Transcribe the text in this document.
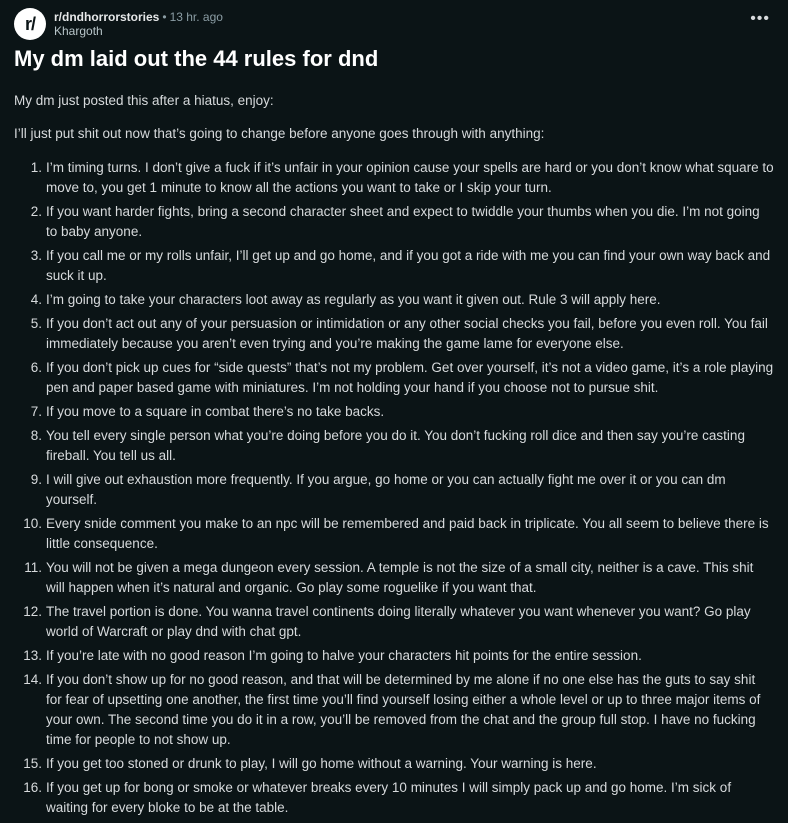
r/	r/dndhorrorstories • 13 hr. ago
Khargoth
•••
My dm laid out the 44 rules for dnd

My dm just posted this after a hiatus, enjoy:

I’ll just put shit out now that’s going to change before anyone goes through with anything:

1. I’m timing turns. I don’t give a fuck if it’s unfair in your opinion cause your spells are hard or you don’t know what square to move to, you get 1 minute to know all the actions you want to take or I skip your turn.
2. If you want harder fights, bring a second character sheet and expect to twiddle your thumbs when you die. I’m not going to baby anyone.
3. If you call me or my rolls unfair, I’ll get up and go home, and if you got a ride with me you can find your own way back and suck it up.
4. I’m going to take your characters loot away as regularly as you want it given out. Rule 3 will apply here.
5. If you don’t act out any of your persuasion or intimidation or any other social checks you fail, before you even roll. You fail immediately because you aren’t even trying and you’re making the game lame for everyone else.
6. If you don’t pick up cues for “side quests” that’s not my problem. Get over yourself, it’s not a video game, it’s a role playing pen and paper based game with miniatures. I’m not holding your hand if you choose not to pursue shit.
7. If you move to a square in combat there’s no take backs.
8. You tell every single person what you’re doing before you do it. You don’t fucking roll dice and then say you’re casting fireball. You tell us all.
9. I will give out exhaustion more frequently. If you argue, go home or you can actually fight me over it or you can dm yourself.
10. Every snide comment you make to an npc will be remembered and paid back in triplicate. You all seem to believe there is little consequence.
11. You will not be given a mega dungeon every session. A temple is not the size of a small city, neither is a cave. This shit will happen when it’s natural and organic. Go play some roguelike if you want that.
12. The travel portion is done. You wanna travel continents doing literally whatever you want whenever you want? Go play world of Warcraft or play dnd with chat gpt.
13. If you’re late with no good reason I’m going to halve your characters hit points for the entire session.
14. If you don’t show up for no good reason, and that will be determined by me alone if no one else has the guts to say shit for fear of upsetting one another, the first time you’ll find yourself losing either a whole level or up to three major items of your own. The second time you do it in a row, you’ll be removed from the chat and the group full stop. I have no fucking time for people to not show up.
15. If you get too stoned or drunk to play, I will go home without a warning. Your warning is here.
16. If you get up for bong or smoke or whatever breaks every 10 minutes I will simply pack up and go home. I’m sick of waiting for every bloke to be at the table.
